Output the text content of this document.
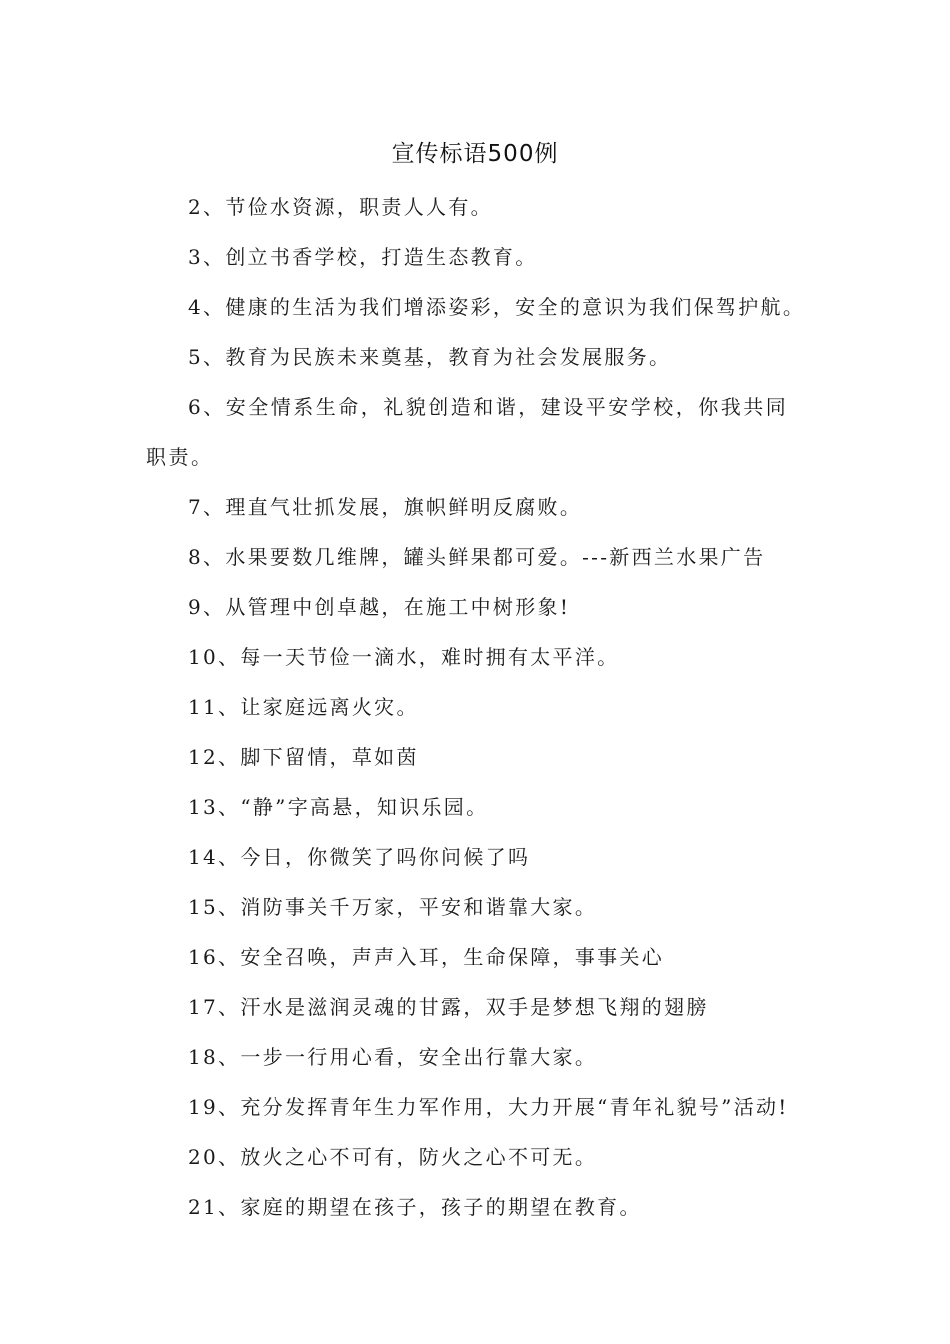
宣传标语500例
2、节俭水资源，职责人人有。
3、创立书香学校，打造生态教育。
4、健康的生活为我们增添姿彩，安全的意识为我们保驾护航。
5、教育为民族未来奠基，教育为社会发展服务。
6、安全情系生命，礼貌创造和谐，建设平安学校，你我共同职责。
7、理直气壮抓发展，旗帜鲜明反腐败。
8、水果要数几维牌，罐头鲜果都可爱。---新西兰水果广告
9、从管理中创卓越，在施工中树形象!
10、每一天节俭一滴水，难时拥有太平洋。
11、让家庭远离火灾。
12、脚下留情，草如茵
13、“静”字高悬，知识乐园。
14、今日，你微笑了吗你问候了吗
15、消防事关千万家，平安和谐靠大家。
16、安全召唤，声声入耳，生命保障，事事关心
17、汗水是滋润灵魂的甘露，双手是梦想飞翔的翅膀
18、一步一行用心看，安全出行靠大家。
19、充分发挥青年生力军作用，大力开展“青年礼貌号”活动!
20、放火之心不可有，防火之心不可无。
21、家庭的期望在孩子，孩子的期望在教育。
